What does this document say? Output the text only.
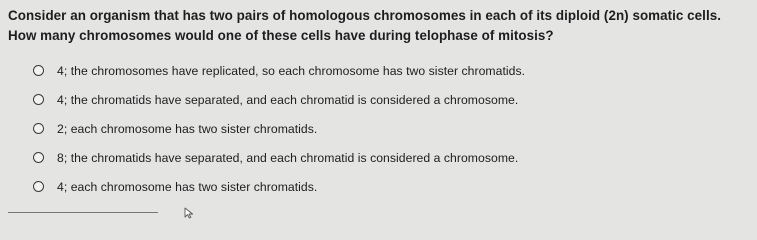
Consider an organism that has two pairs of homologous chromosomes in each of its diploid (2n) somatic cells. How many chromosomes would one of these cells have during telophase of mitosis?
4; the chromosomes have replicated, so each chromosome has two sister chromatids.
4; the chromatids have separated, and each chromatid is considered a chromosome.
2; each chromosome has two sister chromatids.
8; the chromatids have separated, and each chromatid is considered a chromosome.
4; each chromosome has two sister chromatids.
